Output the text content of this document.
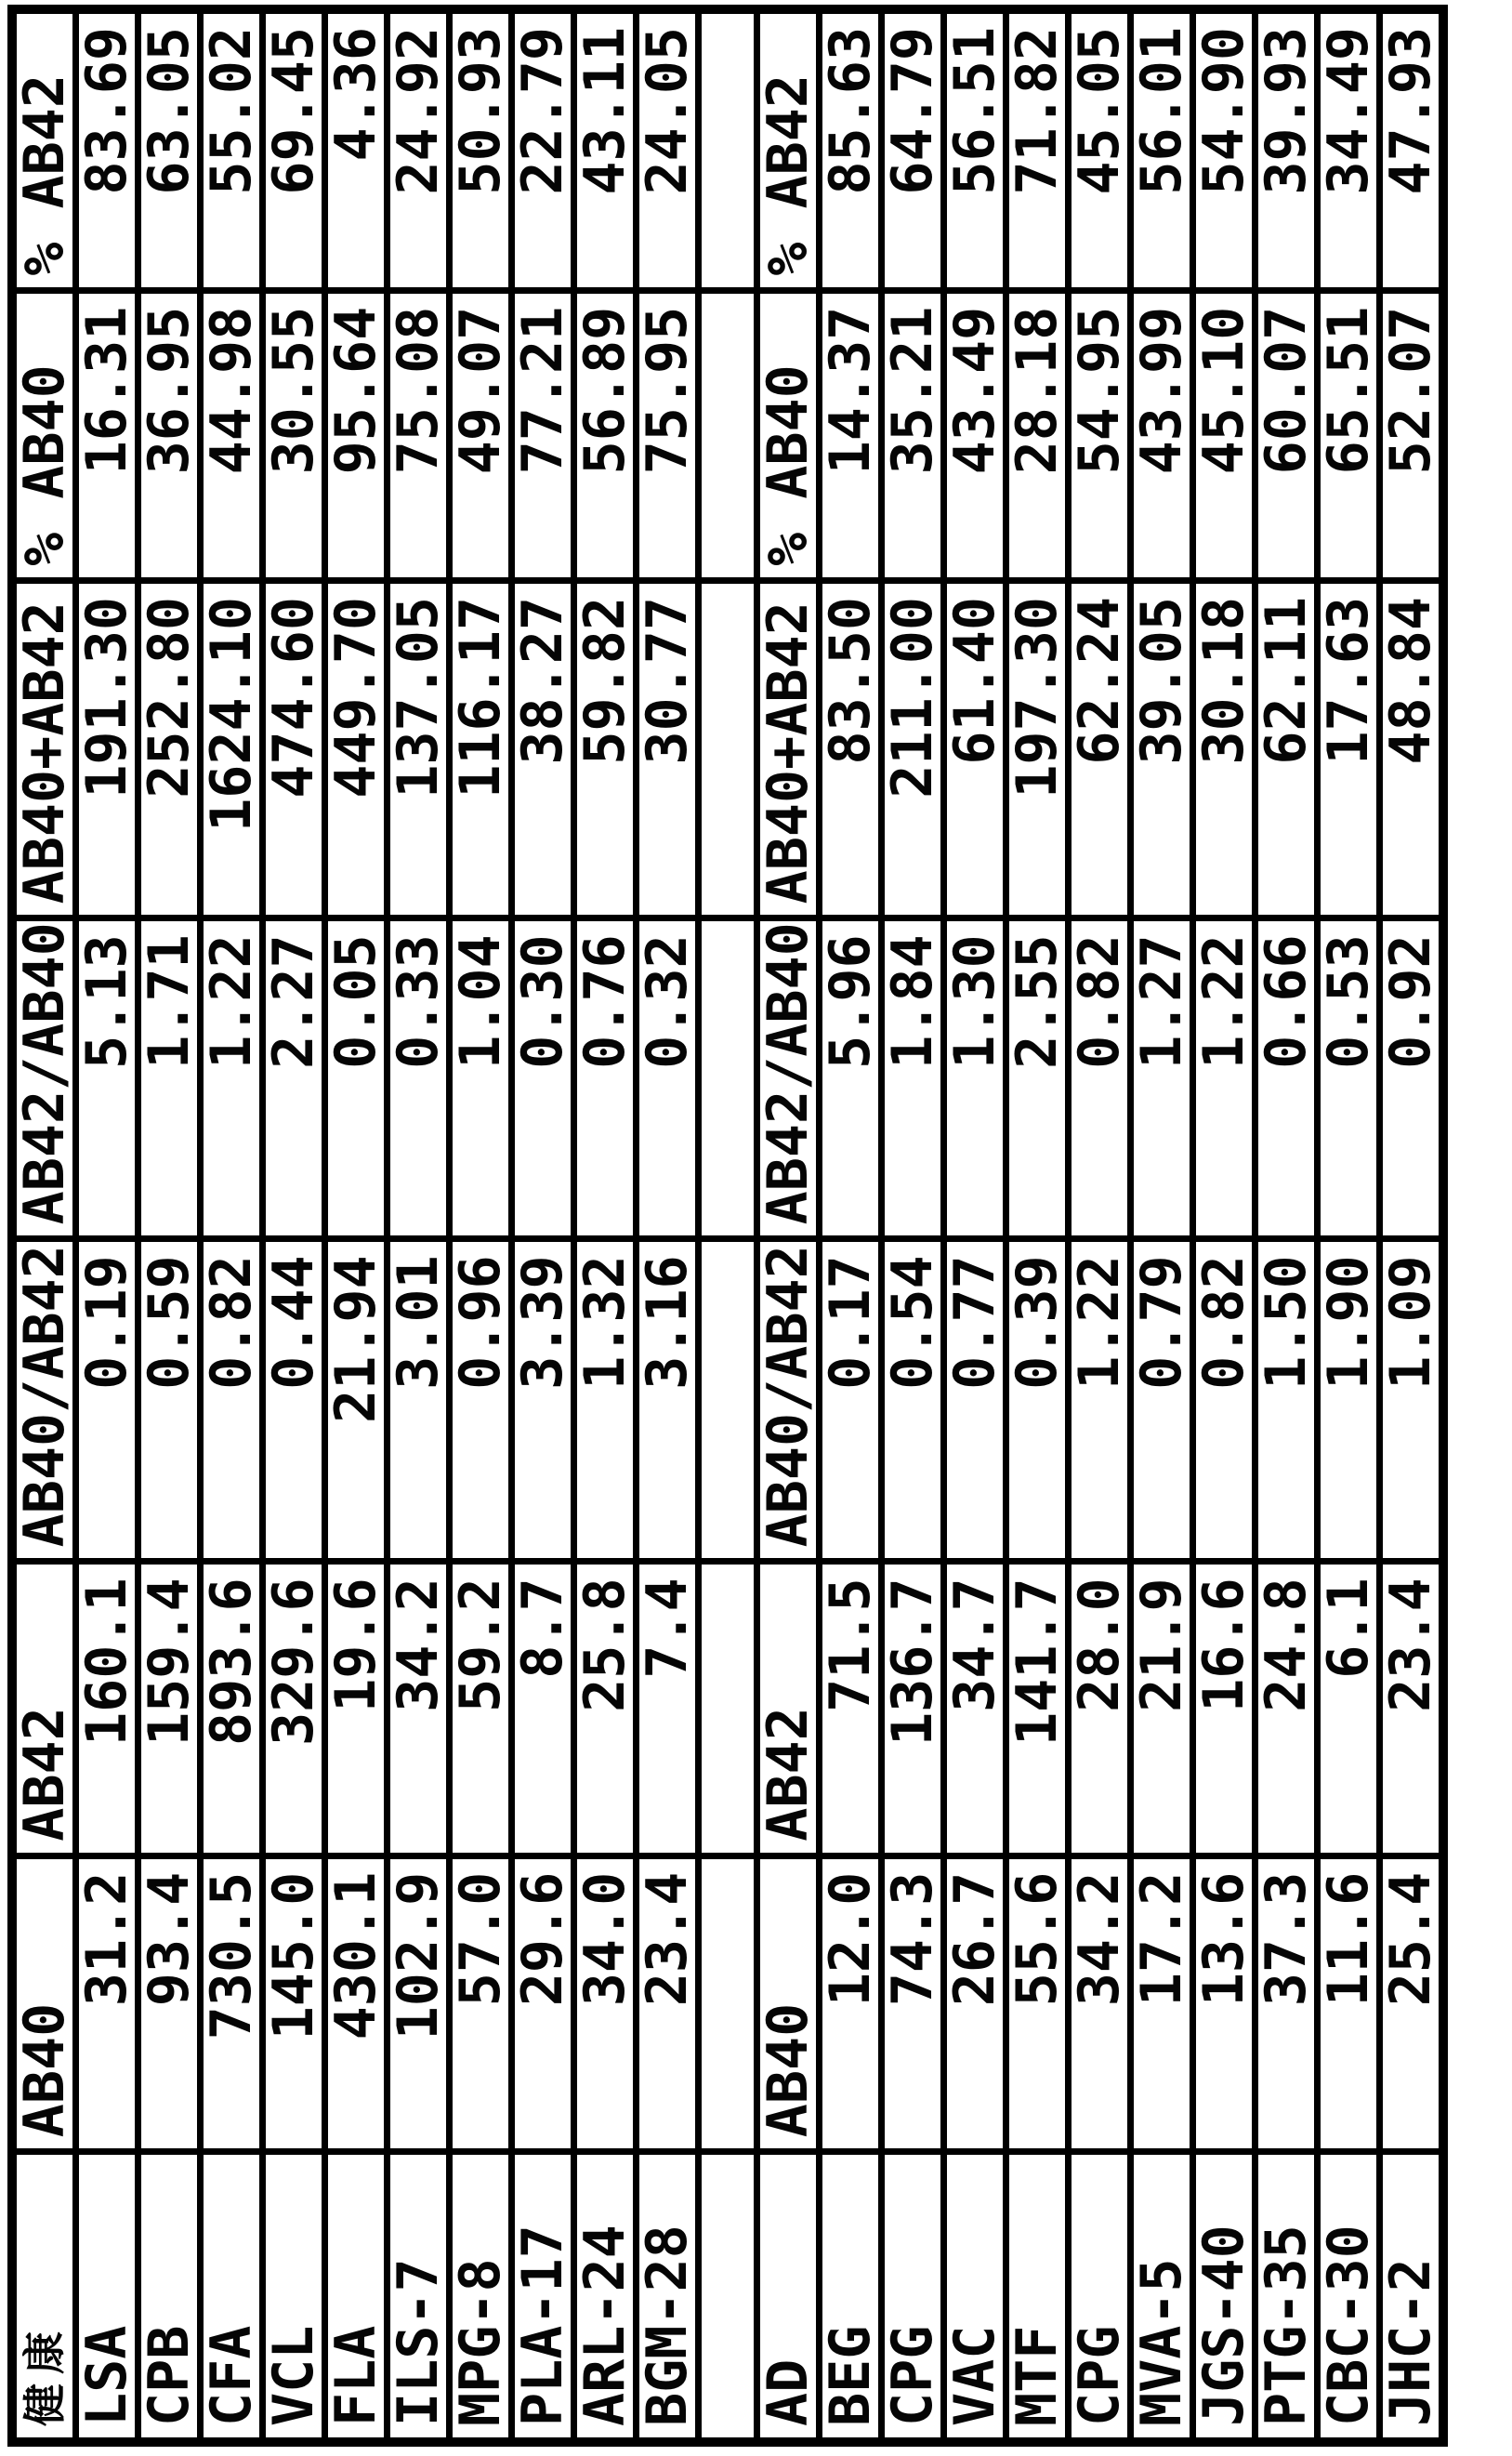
健康	AB40	AB42	AB40/AB42	AB42/AB40	AB40+AB42	% AB40	% AB42
LSA	31.2	160.1	0.19	5.13	191.30	16.31	83.69
CPB	93.4	159.4	0.59	1.71	252.80	36.95	63.05
CFA	730.5	893.6	0.82	1.22	1624.10	44.98	55.02
VCL	145.0	329.6	0.44	2.27	474.60	30.55	69.45
FLA	430.1	19.6	21.94	0.05	449.70	95.64	4.36
ILS-7	102.9	34.2	3.01	0.33	137.05	75.08	24.92
MPG-8	57.0	59.2	0.96	1.04	116.17	49.07	50.93
PLA-17	29.6	8.7	3.39	0.30	38.27	77.21	22.79
ARL-24	34.0	25.8	1.32	0.76	59.82	56.89	43.11
BGM-28	23.4	7.4	3.16	0.32	30.77	75.95	24.05

AD	AB40	AB42	AB40/AB42	AB42/AB40	AB40+AB42	% AB40	% AB42
BEG	12.0	71.5	0.17	5.96	83.50	14.37	85.63
CPG	74.3	136.7	0.54	1.84	211.00	35.21	64.79
VAC	26.7	34.7	0.77	1.30	61.40	43.49	56.51
MTF	55.6	141.7	0.39	2.55	197.30	28.18	71.82
CPG	34.2	28.0	1.22	0.82	62.24	54.95	45.05
MVA-5	17.2	21.9	0.79	1.27	39.05	43.99	56.01
JGS-40	13.6	16.6	0.82	1.22	30.18	45.10	54.90
PTG-35	37.3	24.8	1.50	0.66	62.11	60.07	39.93
CBC-30	11.6	6.1	1.90	0.53	17.63	65.51	34.49
JHC-2	25.4	23.4	1.09	0.92	48.84	52.07	47.93
